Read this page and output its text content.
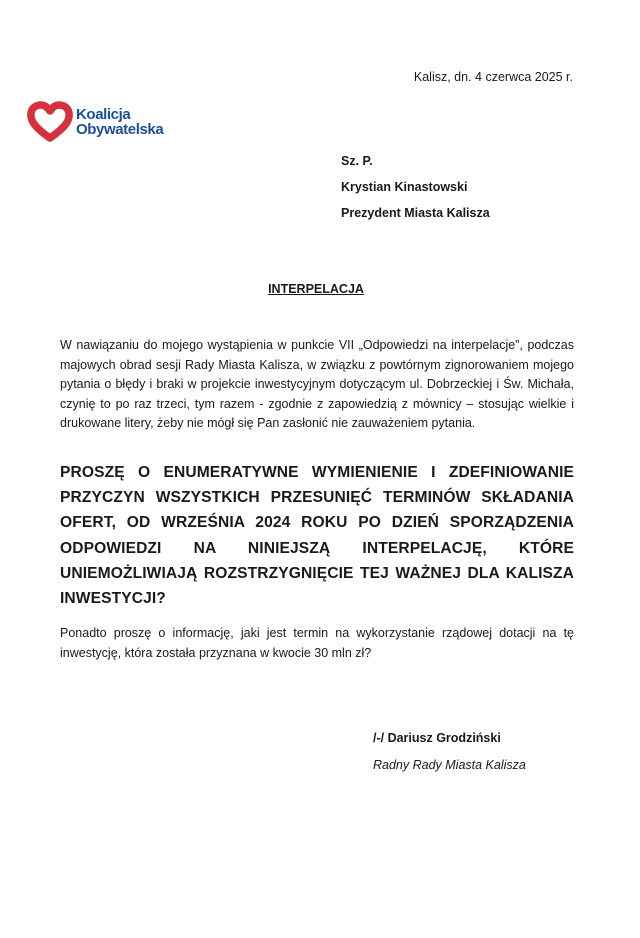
Kalisz, dn. 4 czerwca 2025 r.
Koalicja
Obywatelska
Sz. P.
Krystian Kinastowski
Prezydent Miasta Kalisza
INTERPELACJA
W nawiązaniu do mojego wystąpienia w punkcie VII „Odpowiedzi na interpelacje”, podczas majowych obrad sesji Rady Miasta Kalisza, w związku z powtórnym zignorowaniem mojego pytania o błędy i braki w projekcie inwestycyjnym dotyczącym ul. Dobrzeckiej i Św. Michała, czynię to po raz trzeci, tym razem - zgodnie z zapowiedzią z mównicy – stosując wielkie i drukowane litery, żeby nie mógł się Pan zasłonić nie zauważeniem pytania.
PROSZĘ O ENUMERATYWNE WYMIENIENIE I ZDEFINIOWANIE PRZYCZYN WSZYSTKICH PRZESUNIĘĆ TERMINÓW SKŁADANIA OFERT, OD WRZEŚNIA 2024 ROKU PO DZIEŃ SPORZĄDZENIA ODPOWIEDZI NA NINIEJSZĄ INTERPELACJĘ, KTÓRE UNIEMOŻLIWIAJĄ ROZSTRZYGNIĘCIE TEJ WAŻNEJ DLA KALISZA INWESTYCJI?
Ponadto proszę o informację, jaki jest termin na wykorzystanie rządowej dotacji na tę inwestycję, która została przyznana w kwocie 30 mln zł?
/-/ Dariusz Grodziński
Radny Rady Miasta Kalisza
